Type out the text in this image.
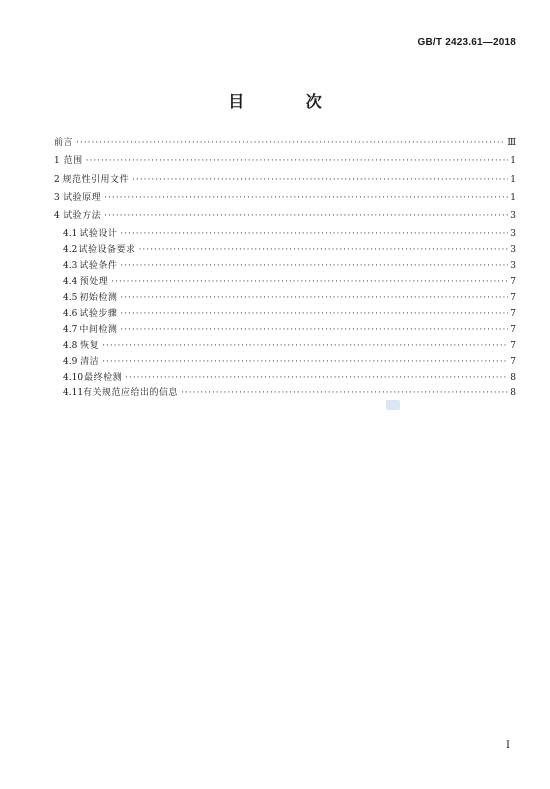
GB/T 2423.61—2018
目 次
前言 ·····	Ⅲ
1 范围 ·····	1
2 规范性引用文件 ·····	1
3 试验原理 ·····	1
4 试验方法 ·····	3
4.1 试验设计 ·····	3
4.2 试验设备要求 ·····	3
4.3 试验条件 ·····	3
4.4 预处理 ·····	7
4.5 初始检测 ·····	7
4.6 试验步骤 ·····	7
4.7 中间检测 ·····	7
4.8 恢复 ·····	7
4.9 清洁 ·····	7
4.10 最终检测 ·····	8
4.11 有关规范应给出的信息 ·····	8
Ⅰ
